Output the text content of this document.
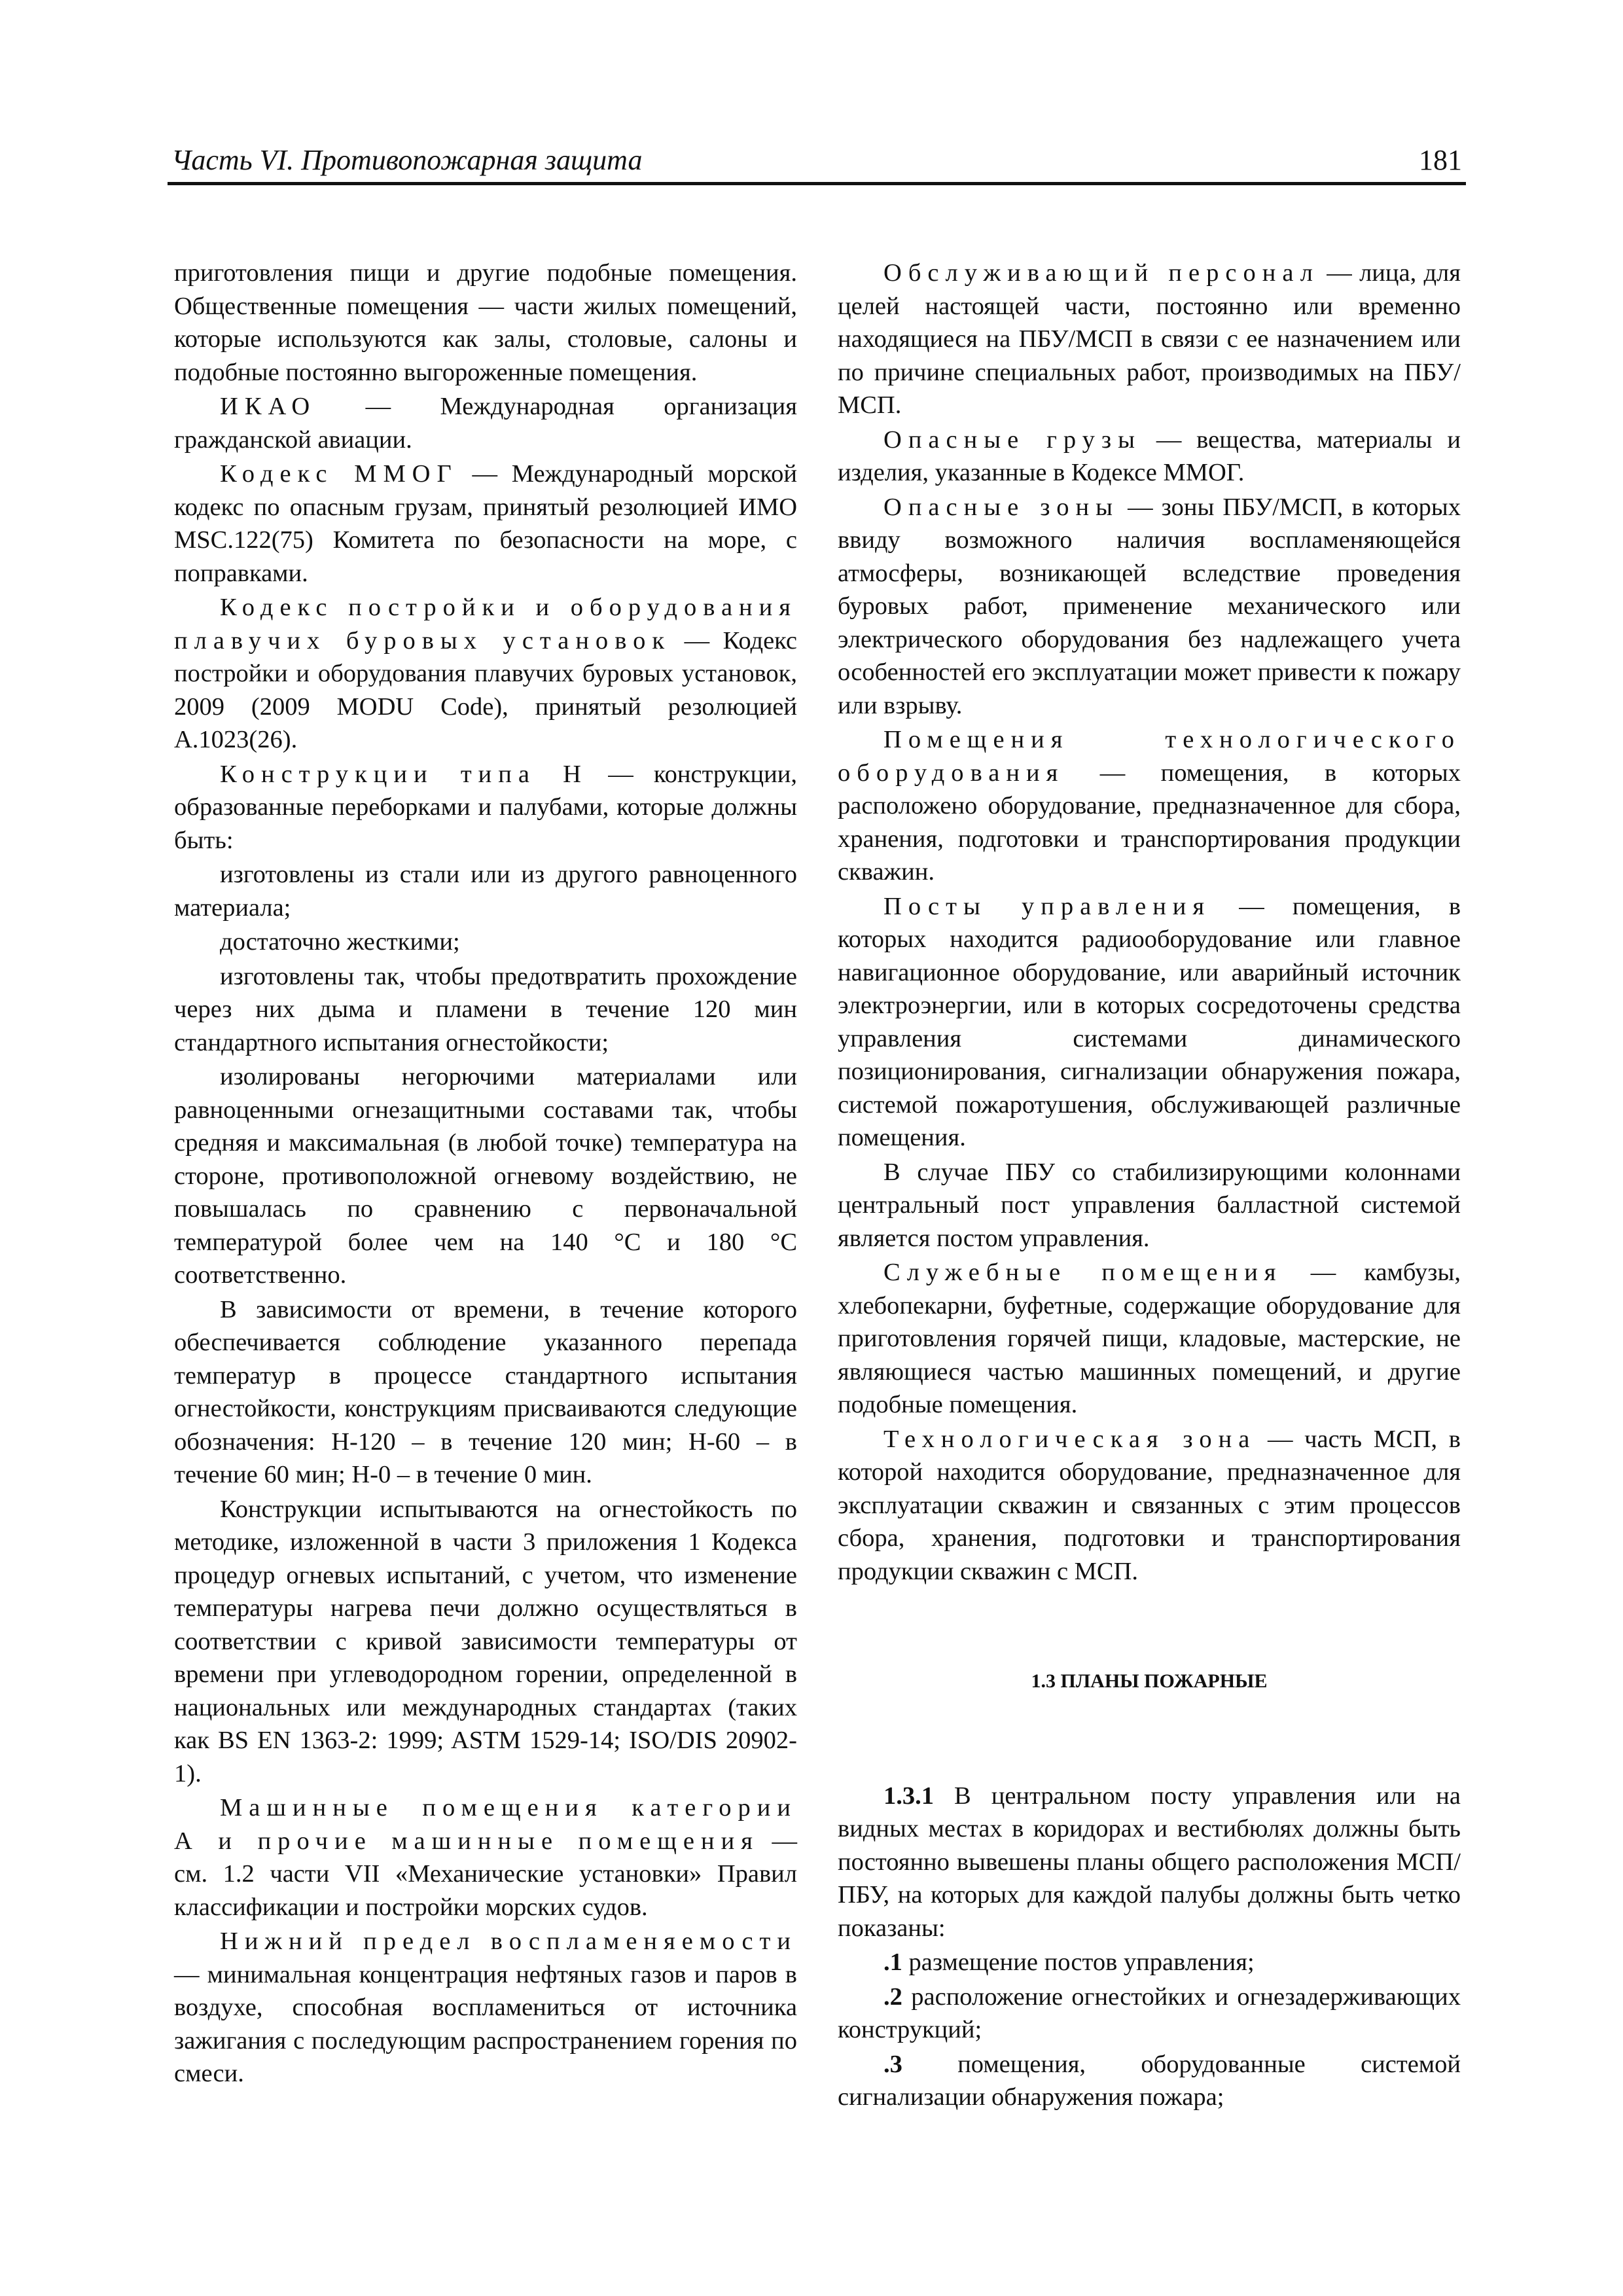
Часть VI. Противопожарная защита	181

приготовления пищи и другие подобные помещения. Общественные помещения — части жилых помещений, которые используются как залы, столовые, салоны и подобные постоянно выгороженные помещения.

ИКАО — Международная организация гражданской авиации.

Кодекс ММОГ — Международный морской кодекс по опасным грузам, принятый резолюцией ИМО MSC.122(75) Комитета по безопасности на море, с поправками.

Кодекс постройки и оборудования плавучих буровых установок — Кодекс постройки и оборудования плавучих буровых установок, 2009 (2009 MODU Code), принятый резолюцией A.1023(26).

Конструкции типа H — конструкции, образованные переборками и палубами, которые должны быть:

изготовлены из стали или из другого равноценного материала;

достаточно жесткими;

изготовлены так, чтобы предотвратить прохождение через них дыма и пламени в течение 120 мин стандартного испытания огнестойкости;

изолированы негорючими материалами или равноценными огнезащитными составами так, чтобы средняя и максимальная (в любой точке) температура на стороне, противоположной огневому воздействию, не повышалась по сравнению с первоначальной температурой более чем на 140 °C и 180 °C соответственно.

В зависимости от времени, в течение которого обеспечивается соблюдение указанного перепада температур в процессе стандартного испытания огнестойкости, конструкциям присваиваются следующие обозначения: H-120 – в течение 120 мин; H-60 – в течение 60 мин; H-0 – в течение 0 мин.

Конструкции испытываются на огнестойкость по методике, изложенной в части 3 приложения 1 Кодекса процедур огневых испытаний, с учетом, что изменение температуры нагрева печи должно осуществляться в соответствии с кривой зависимости температуры от времени при углеводородном горении, определенной в национальных или международных стандартах (таких как BS EN 1363-2: 1999; ASTM 1529-14; ISO/DIS 20902-1).

Машинные помещения категории А и прочие машинные помещения — см. 1.2 части VII «Механические установки» Правил классификации и постройки морских судов.

Нижний предел воспламеняемости — минимальная концентрация нефтяных газов и паров в воздухе, способная воспламениться от источника зажигания с последующим распространением горения по смеси.

Обслуживающий персонал — лица, для целей настоящей части, постоянно или временно находящиеся на ПБУ/МСП в связи с ее назначением или по причине специальных работ, производимых на ПБУ/МСП.

Опасные грузы — вещества, материалы и изделия, указанные в Кодексе ММОГ.

Опасные зоны — зоны ПБУ/МСП, в которых ввиду возможного наличия воспламеняющейся атмосферы, возникающей вследствие проведения буровых работ, применение механического или электрического оборудования без надлежащего учета особенностей его эксплуатации может привести к пожару или взрыву.

Помещения технологического оборудования — помещения, в которых расположено оборудование, предназначенное для сбора, хранения, подготовки и транспортирования продукции скважин.

Посты управления — помещения, в которых находится радиооборудование или главное навигационное оборудование, или аварийный источник электроэнергии, или в которых сосредоточены средства управления системами динамического позиционирования, сигнализации обнаружения пожара, системой пожаротушения, обслуживающей различные помещения.

В случае ПБУ со стабилизирующими колоннами центральный пост управления балластной системой является постом управления.

Служебные помещения — камбузы, хлебопекарни, буфетные, содержащие оборудование для приготовления горячей пищи, кладовые, мастерские, не являющиеся частью машинных помещений, и другие подобные помещения.

Технологическая зона — часть МСП, в которой находится оборудование, предназначенное для эксплуатации скважин и связанных с этим процессов сбора, хранения, подготовки и транспортирования продукции скважин с МСП.

1.3 ПЛАНЫ ПОЖАРНЫЕ

1.3.1 В центральном посту управления или на видных местах в коридорах и вестибюлях должны быть постоянно вывешены планы общего расположения МСП/ПБУ, на которых для каждой палубы должны быть четко показаны:

.1 размещение постов управления;

.2 расположение огнестойких и огнезадерживающих конструкций;

.3 помещения, оборудованные системой сигнализации обнаружения пожара;
